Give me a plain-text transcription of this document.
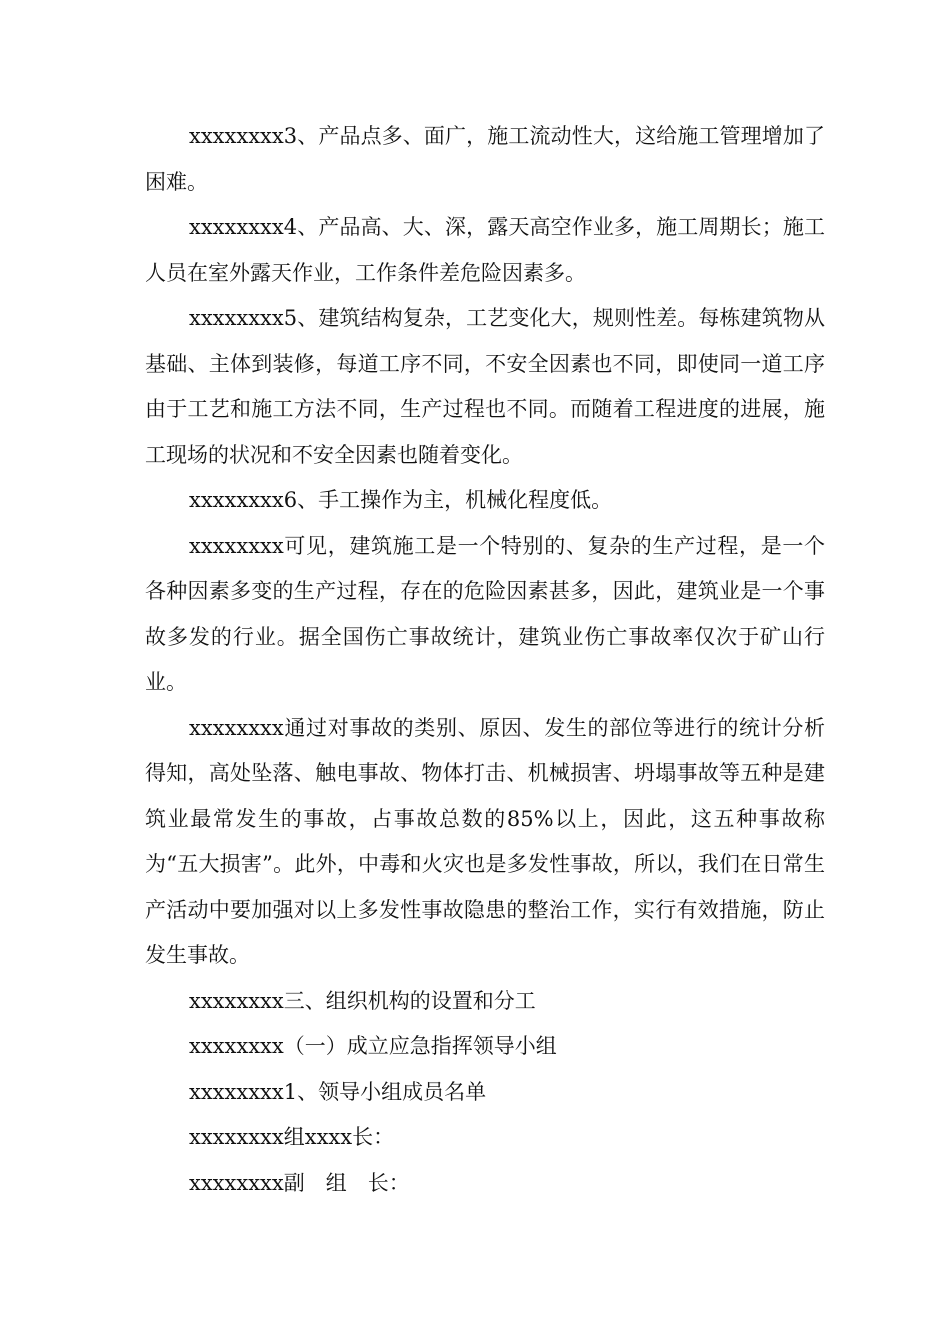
xxxxxxxx3、产品点多、面广，施工流动性大，这给施工管理增加了困难。

xxxxxxxx4、产品高、大、深，露天高空作业多，施工周期长；施工人员在室外露天作业，工作条件差危险因素多。

xxxxxxxx5、建筑结构复杂，工艺变化大，规则性差。每栋建筑物从基础、主体到装修，每道工序不同，不安全因素也不同，即使同一道工序由于工艺和施工方法不同，生产过程也不同。而随着工程进度的进展，施工现场的状况和不安全因素也随着变化。

xxxxxxxx6、手工操作为主，机械化程度低。

xxxxxxxx可见，建筑施工是一个特别的、复杂的生产过程，是一个各种因素多变的生产过程，存在的危险因素甚多，因此，建筑业是一个事故多发的行业。据全国伤亡事故统计，建筑业伤亡事故率仅次于矿山行业。

xxxxxxxx通过对事故的类别、原因、发生的部位等进行的统计分析得知，高处坠落、触电事故、物体打击、机械损害、坍塌事故等五种是建筑业最常发生的事故，占事故总数的85%以上，因此，这五种事故称为“五大损害”。此外，中毒和火灾也是多发性事故，所以，我们在日常生产活动中要加强对以上多发性事故隐患的整治工作，实行有效措施，防止发生事故。

xxxxxxxx三、组织机构的设置和分工

xxxxxxxx（一）成立应急指挥领导小组

xxxxxxxx1、领导小组成员名单

xxxxxxxx组xxxx长：

xxxxxxxx副　组　长：
